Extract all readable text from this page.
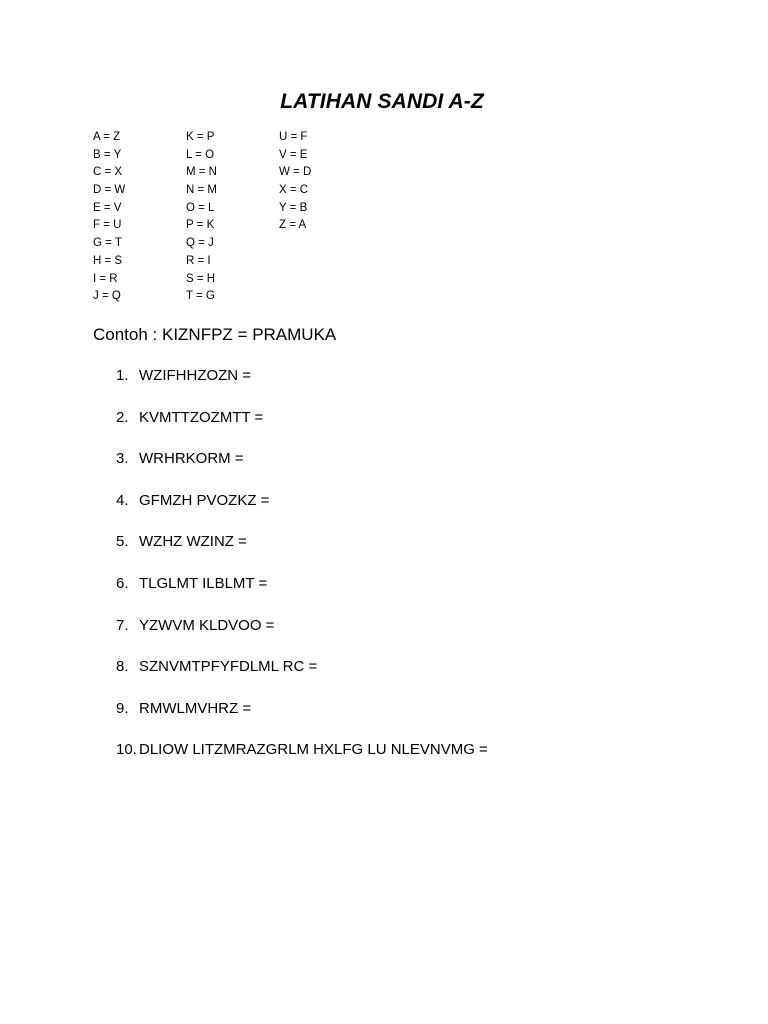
LATIHAN SANDI A-Z
A = Z
B = Y
C = X
D = W
E = V
F = U
G = T
H = S
I = R
J = Q
K = P
L = O
M = N
N = M
O = L
P = K
Q = J
R = I
S = H
T = G
U = F
V = E
W = D
X = C
Y = B
Z = A

Contoh : KIZNFPZ = PRAMUKA

1. WZIFHHZOZN =
2. KVMTTZOZMTT =
3. WRHRKORM =
4. GFMZH PVOZKZ =
5. WZHZ WZINZ =
6. TLGLMT ILBLMT =
7. YZWVM KLDVOO =
8. SZNVMTPFYFDLML RC =
9. RMWLMVHRZ =
10. DLIOW LITZMRAZGRLM HXLFG LU NLEVNVMG =
